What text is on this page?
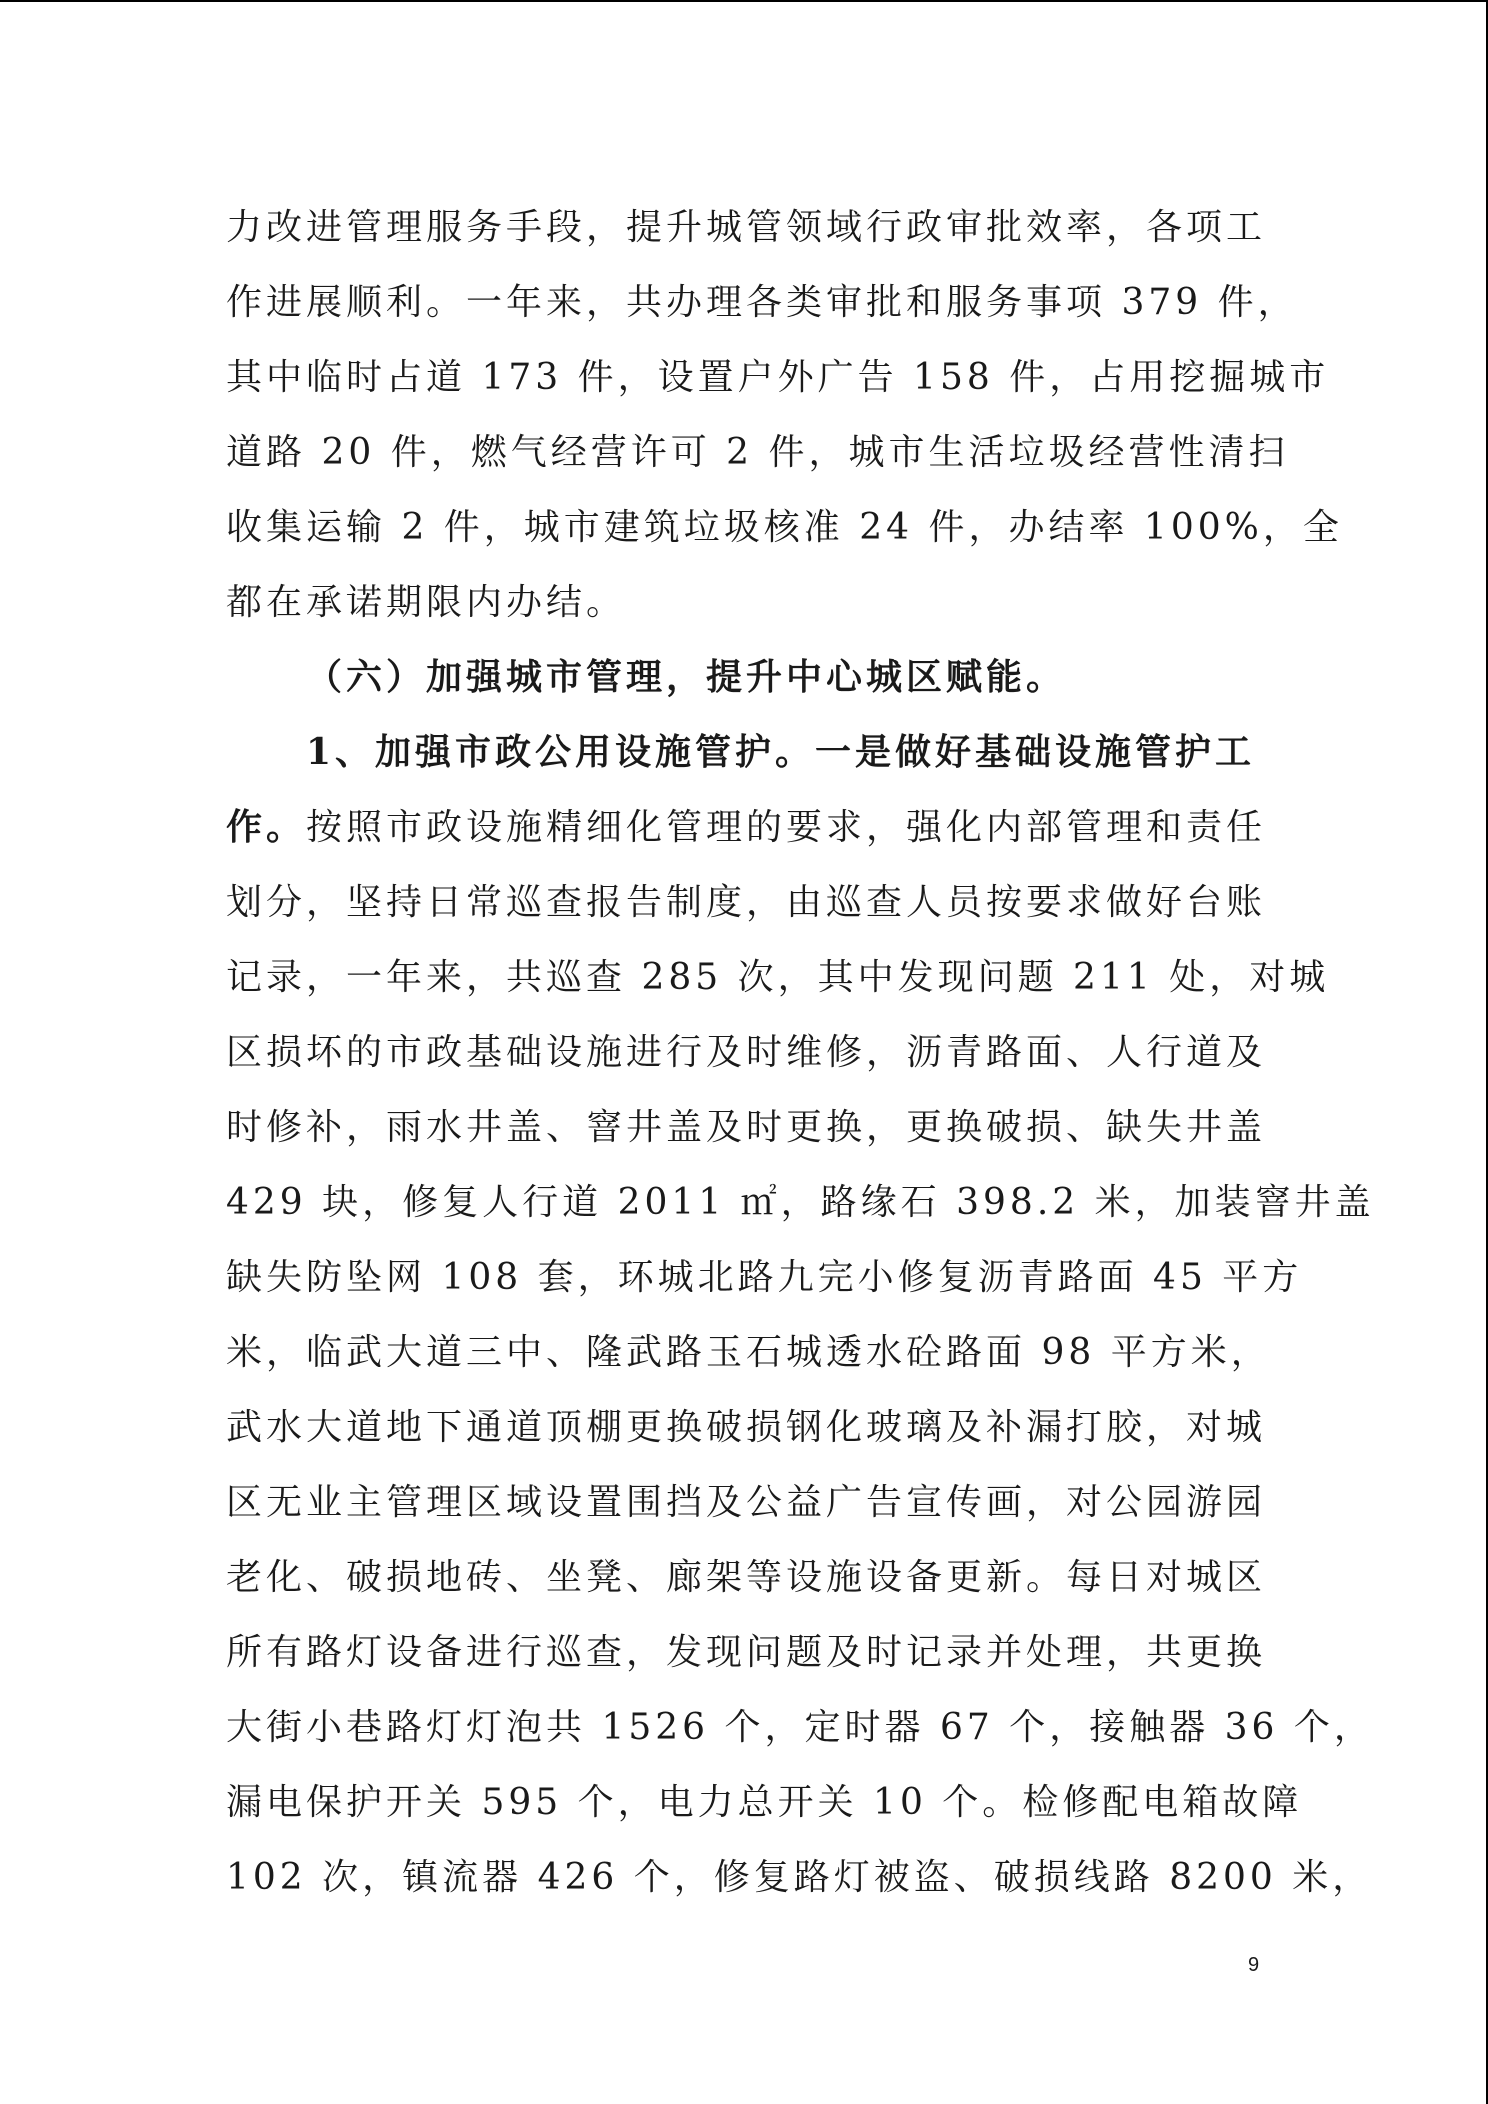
力改进管理服务手段，提升城管领域行政审批效率，各项工
作进展顺利。一年来，共办理各类审批和服务事项 379 件，
其中临时占道 173 件，设置户外广告 158 件，占用挖掘城市
道路 20 件，燃气经营许可 2 件，城市生活垃圾经营性清扫
收集运输 2 件，城市建筑垃圾核准 24 件，办结率 100%，全
都在承诺期限内办结。
（六）加强城市管理，提升中心城区赋能。
1、加强市政公用设施管护。一是做好基础设施管护工
作。按照市政设施精细化管理的要求，强化内部管理和责任
划分，坚持日常巡查报告制度，由巡查人员按要求做好台账
记录，一年来，共巡查 285 次，其中发现问题 211 处，对城
区损坏的市政基础设施进行及时维修，沥青路面、人行道及
时修补，雨水井盖、窨井盖及时更换，更换破损、缺失井盖
429 块，修复人行道 2011 ㎡，路缘石 398.2 米，加装窨井盖
缺失防坠网 108 套，环城北路九完小修复沥青路面 45 平方
米，临武大道三中、隆武路玉石城透水砼路面 98 平方米，
武水大道地下通道顶棚更换破损钢化玻璃及补漏打胶，对城
区无业主管理区域设置围挡及公益广告宣传画，对公园游园
老化、破损地砖、坐凳、廊架等设施设备更新。每日对城区
所有路灯设备进行巡查，发现问题及时记录并处理，共更换
大街小巷路灯灯泡共 1526 个，定时器 67 个，接触器 36 个，
漏电保护开关 595 个，电力总开关 10 个。检修配电箱故障
102 次，镇流器 426 个，修复路灯被盗、破损线路 8200 米，
9
